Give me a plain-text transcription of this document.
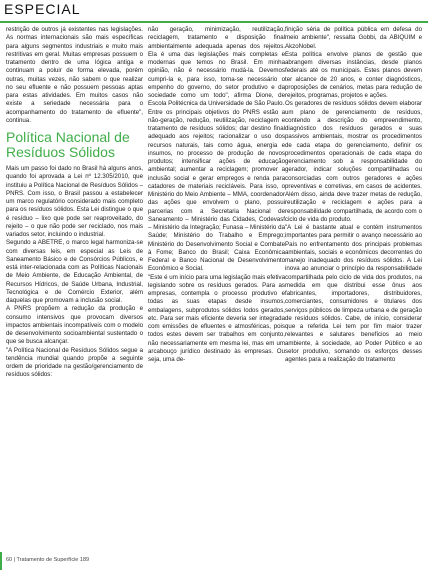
ESPECIAL

restrição de outros já existentes nas legislações. As normas internacionais são mais específicas para alguns segmentos industriais e muito mais restritivas em geral. Muitas empresas possuem o tratamento dentro de uma lógica antiga e continuam a poluir de forma elevada, porém outras, muitas vezes, não sabem o que realizar no seu efluente e não possuem pessoas aptas para estas atividades. Em muitos casos não existe a seriedade necessária para o acompanhamento do tratamento de efluente", continua.

Política Nacional de Resíduos Sólidos

Mais um passo foi dado no Brasil há alguns anos, quando foi aprovada a Lei nº 12.305/2010, que instituiu a Política Nacional de Resíduos Sólidos – PNRS. Com isso, o Brasil passou a estabelecer um marco regulatório considerado mais completo para os resíduos sólidos. Esta Lei distingue o que é resíduo – lixo que pode ser reaproveitado, do rejeito – o que não pode ser reciclado, nos mais variados setor, incluindo o industrial.

Segundo a ABETRE, o marco legal harmoniza-se com diversas leis, em especial as Leis de Saneamento Básico e de Consórcios Públicos, e está inter-relacionada com as Políticas Nacionais de Meio Ambiente, de Educação Ambiental, de Recursos Hídricos, de Saúde Urbana, Industrial, Tecnológica e de Comércio Exterior, além daquelas que promovam a inclusão social.

A PNRS propõem a redução da produção e consumo intensivos que provocam diversos impactos ambientais incompatíveis com o modelo de desenvolvimento socioambiental sustentado o que se busca alcançar.

"A Política Nacional de Resíduos Sólidos segue a tendência mundial quando propõe a seguinte ordem de prioridade na gestão/gerenciamento de resíduos sólidos:

não geração, minimização, reutilização, reciclagem, tratamento e disposição final ambientalmente adequada apenas dos rejeitos. Ela é uma das legislações mais completas e modernas que temos no Brasil. Em minha opinião, não é necessário mudá-la. Devemos cumpri-la e, para isso, torna-se necessário o empenho do governo, do setor produtivo e da sociedade como um todo", afirma Dione, de Escola Politécnica da Universidade de São Paulo.

Entre os principais objetivos do PNRS estão a não-geração, redução, reutilização, reciclagem e tratamento de resíduos sólidos; dar destino final adequado aos rejeitos; racionalizar o uso dos recursos naturais, tais como água, energia e insumos, no processo de produção de novos produtos; intensificar ações de educação ambiental; aumentar a reciclagem; promover a inclusão social e gerar empregos e renda para catadores de materiais recicláveis. Para isso, o Ministério do Meio Ambiente – MMA, coordenador das ações que envolvem o plano, possui parcerias com a Secretaria Nacional de Saneamento – Ministério das Cidades, Codevasf – Ministério da Integração; Funasa – Ministério da Saúde; Ministério do Trabalho e Emprego; Ministério do Desenvolvimento Social e Combate à Fome; Banco do Brasil; Caixa Econômica Federal e Banco Nacional de Desenvolvimento Econômico e Social.

"Este é um início para uma legislação mais efetiva legislando sobre os resíduos gerados. Para as empresas, contempla o processo produtivo e todas as suas etapas desde insumos, embalagens, subprodutos sólidos lodos gerados, etc. Para ser mais eficiente deveria ser integrada com emissões de efluentes e atmosféricas, pois todos estes devem ser trabalhos em conjunto, não necessariamente em mesma lei, mas em um arcabouço jurídico destinado às empresas. Ou seja, uma de-

finição séria de política pública em defesa do meio ambiente", ressalta Gobbi, da ABIQUIM e AkzoNobel.

Esta política envolve planos de gestão que abrangem diversas instâncias, desde planos federais até os municipais. Estes planos devem ter alcance de 20 anos, e conter diagnósticos, proposições de cenários, metas para redução de rejeitos, programas, projetos e ações.

Os geradores de resíduos sólidos devem elaborar um plano de gerenciamento de resíduos, contendo a descrição do empreendimento, diagnóstico dos resíduos gerados e suas passivos ambientais, mostrar os procedimentos de cada etapa do gerenciamento, definir os procedimentos operacionais de cada etapa do gerenciamento sob a responsabilidade do gerador, indicar soluções compartilhadas ou consorciadas com outros geradores e ações preventivas e corretivas, em casos de acidentes. Além disso, ainda deve trazer metas de redução, reutilização e reciclagem e ações para a responsabilidade compartilhada, de acordo com o ciclo de vida do produto.

"A Lei é bastante atual e contém instrumentos importantes para permitir o avanço necessário ao País no enfrentamento dos principais problemas ambientais, sociais e econômicos decorrentes do manejo inadequado dos resíduos sólidos. A Lei inova ao anunciar o princípio da responsabilidade compartilhada pelo ciclo de vida dos produtos, na medida em que distribui esse ônus aos fabricantes, importadores, distribuidores, comerciantes, consumidores e titulares dos serviços públicos de limpeza urbana e de geração de resíduos sólidos. Cabe, de início, considerar que a referida Lei tem por fim maior trazer relevantes e salutares benefícios ao meio ambiente, à sociedade, ao Poder Público e ao setor produtivo, somando os esforços desses agentes para a realização do tratamento

60 | Tratamento de Superfície 189
